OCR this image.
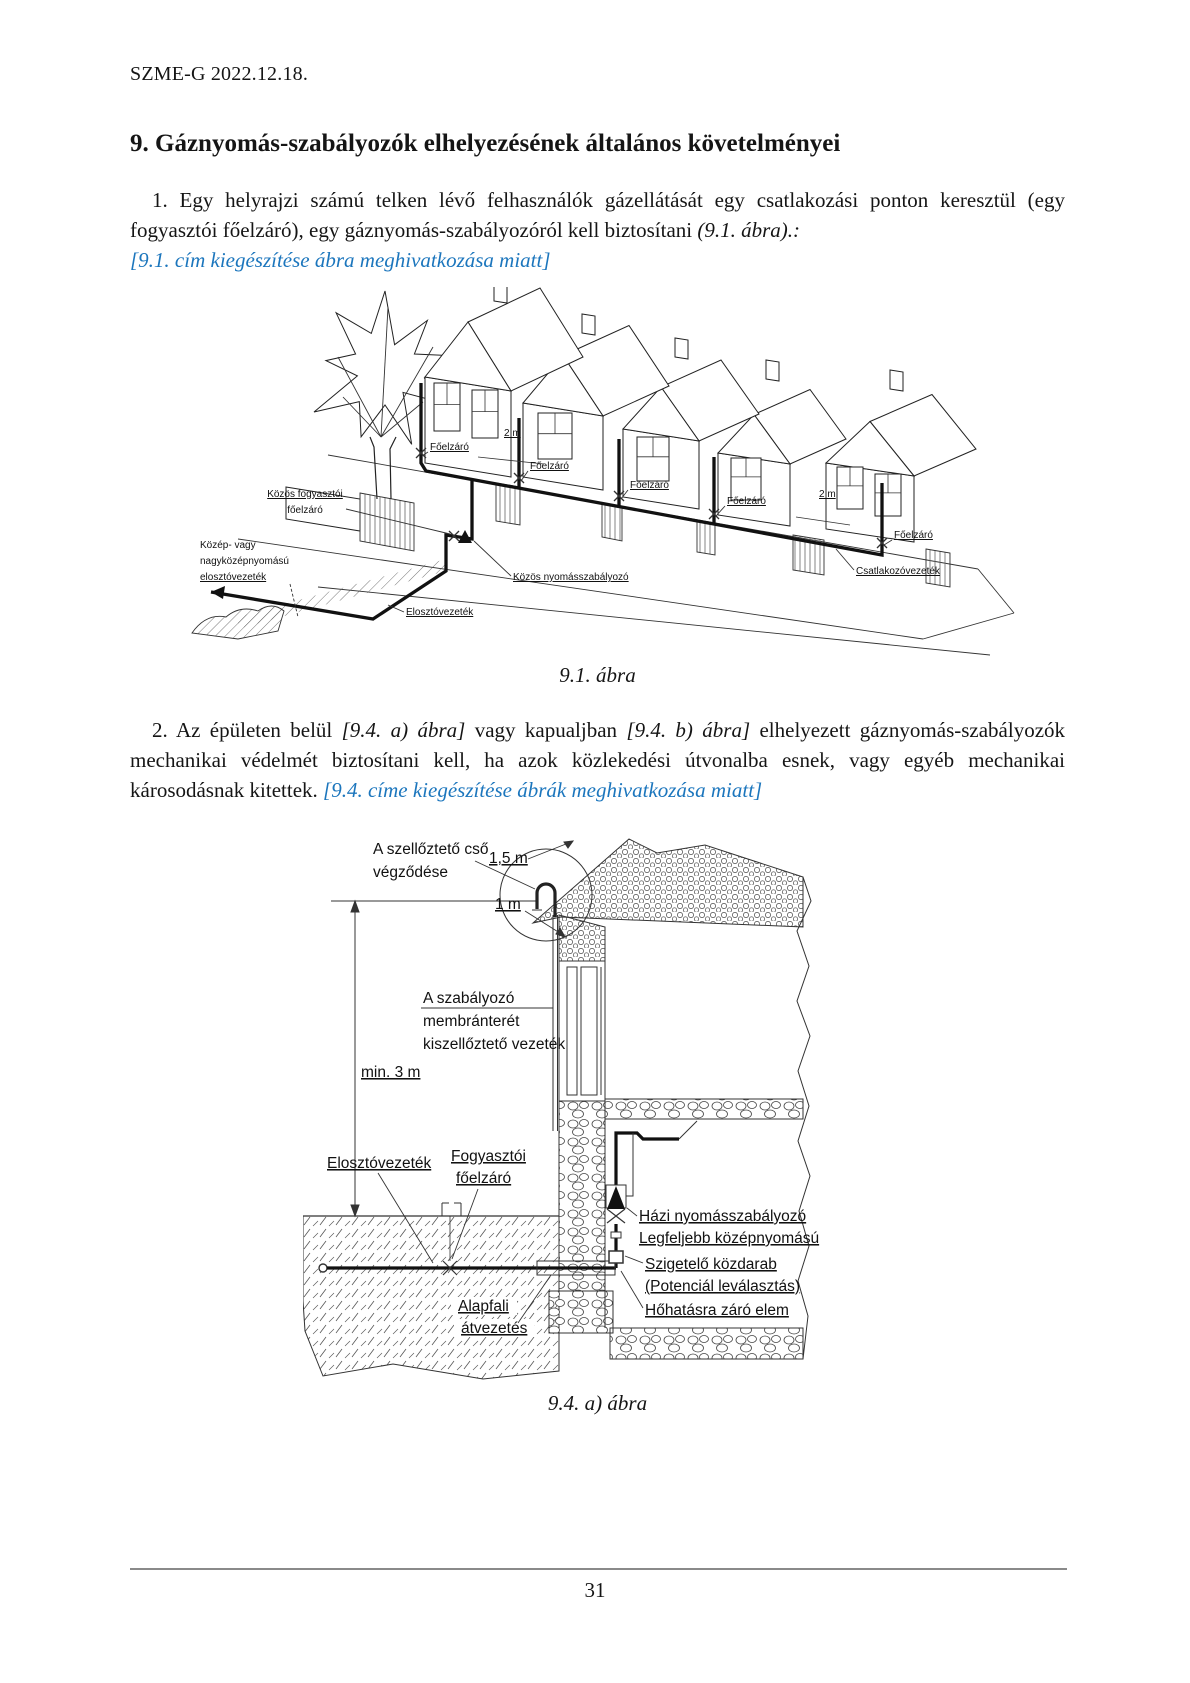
SZME-G 2022.12.18.
9. Gáznyomás-szabályozók elhelyezésének általános követelményei

1. Egy helyrajzi számú telken lévő felhasználók gázellátását egy csatlakozási ponton keresztül (egy fogyasztói főelzáró), egy gáznyomás-szabályozóról kell biztosítani (9.1. ábra).:

[9.1. cím kiegészítése ábra meghivatkozása miatt]

Főelzáró
2 m
Főelzáró
Főelzáró
Főelzáró
2 m
Főelzáró
Közös fogyasztói
főelzáró
Közép- vagy
nagyközépnyomású
elosztóvezeték	Közös nyomásszabályozó
Elosztóvezeték
Csatlakozóvezeték
9.1. ábra

2. Az épületen belül [9.4. a) ábra] vagy kapualjban [9.4. b) ábra] elhelyezett gáznyomás-szabályozók mechanikai védelmét biztosítani kell, ha azok közlekedési útvonalba esnek, vagy egyéb mechanikai károsodásnak kitettek. [9.4. címe kiegészítése ábrák meghivatkozása miatt]

A szellőztető cső
végződése
1,5 m
1 m
A szabályozó
membránterét
kiszellőztető vezeték
min. 3 m
Elosztóvezeték Fogyasztói
főelzáró
Házi nyomásszabályozó
Legfeljebb középnyomású
Szigetelő közdarab
(Potenciál leválasztás)
Hőhatásra záró elem
Alapfali
átvezetés
9.4. a) ábra
31
